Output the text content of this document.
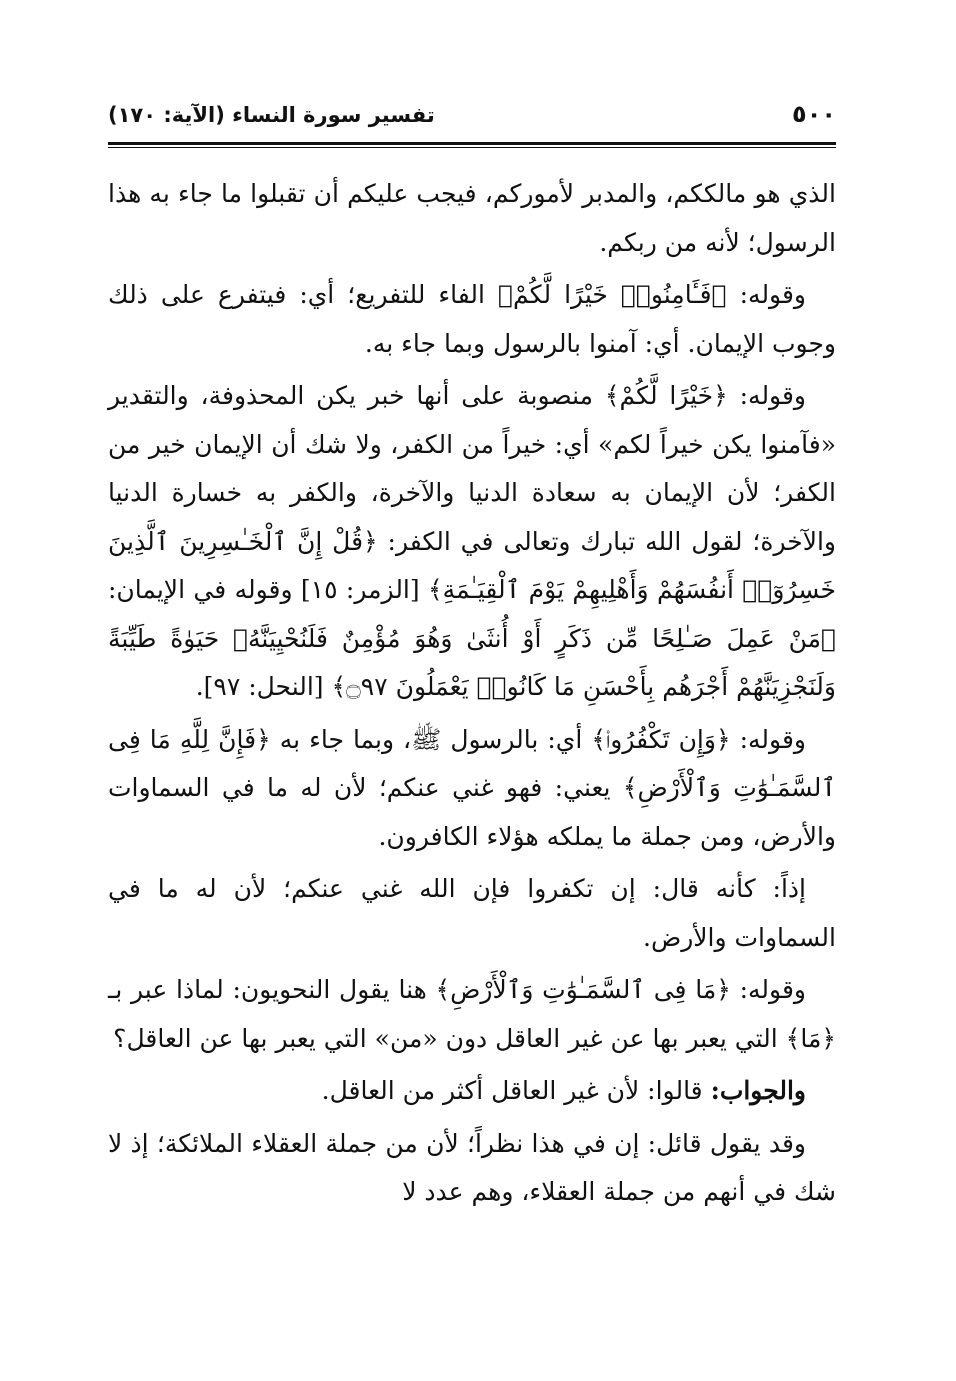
٥٠٠
تفسير سورة النساء (الآية: ١٧٠)

الذي هو مالككم، والمدبر لأموركم، فيجب عليكم أن تقبلوا ما جاء به هذا الرسول؛ لأنه من ربكم.

وقوله: ﴿فَـَٔامِنُوا۟ خَيْرًا لَّكُمْ﴾ الفاء للتفريع؛ أي: فيتفرع على ذلك وجوب الإيمان. أي: آمنوا بالرسول وبما جاء به.

وقوله: ﴿خَيْرًا لَّكُمْ﴾ منصوبة على أنها خبر يكن المحذوفة، والتقدير «فآمنوا يكن خيراً لكم» أي: خيراً من الكفر، ولا شك أن الإيمان خير من الكفر؛ لأن الإيمان به سعادة الدنيا والآخرة، والكفر به خسارة الدنيا والآخرة؛ لقول الله تبارك وتعالى في الكفر: ﴿قُلْ إِنَّ ٱلْخَـٰسِرِينَ ٱلَّذِينَ خَسِرُوٓا۟ أَنفُسَهُمْ وَأَهْلِيهِمْ يَوْمَ ٱلْقِيَـٰمَةِ﴾ [الزمر: ١٥] وقوله في الإيمان: ﴿مَنْ عَمِلَ صَـٰلِحًا مِّن ذَكَرٍ أَوْ أُنثَىٰ وَهُوَ مُؤْمِنٌ فَلَنُحْيِيَنَّهُۥ حَيَوٰةً طَيِّبَةً وَلَنَجْزِيَنَّهُمْ أَجْرَهُم بِأَحْسَنِ مَا كَانُوا۟ يَعْمَلُونَ ۝٩٧﴾ [النحل: ٩٧].

وقوله: ﴿وَإِن تَكْفُرُوا۟﴾ أي: بالرسول ﷺ، وبما جاء به ﴿فَإِنَّ لِلَّهِ مَا فِى ٱلسَّمَـٰوَٰتِ وَٱلْأَرْضِ﴾ يعني: فهو غني عنكم؛ لأن له ما في السماوات والأرض، ومن جملة ما يملكه هؤلاء الكافرون.

إذاً: كأنه قال: إن تكفروا فإن الله غني عنكم؛ لأن له ما في السماوات والأرض.

وقوله: ﴿مَا فِى ٱلسَّمَـٰوَٰتِ وَٱلْأَرْضِ﴾ هنا يقول النحويون: لماذا عبر بـ ﴿مَا﴾ التي يعبر بها عن غير العاقل دون «من» التي يعبر بها عن العاقل؟

والجواب: قالوا: لأن غير العاقل أكثر من العاقل.

وقد يقول قائل: إن في هذا نظراً؛ لأن من جملة العقلاء الملائكة؛ إذ لا شك في أنهم من جملة العقلاء، وهم عدد لا
